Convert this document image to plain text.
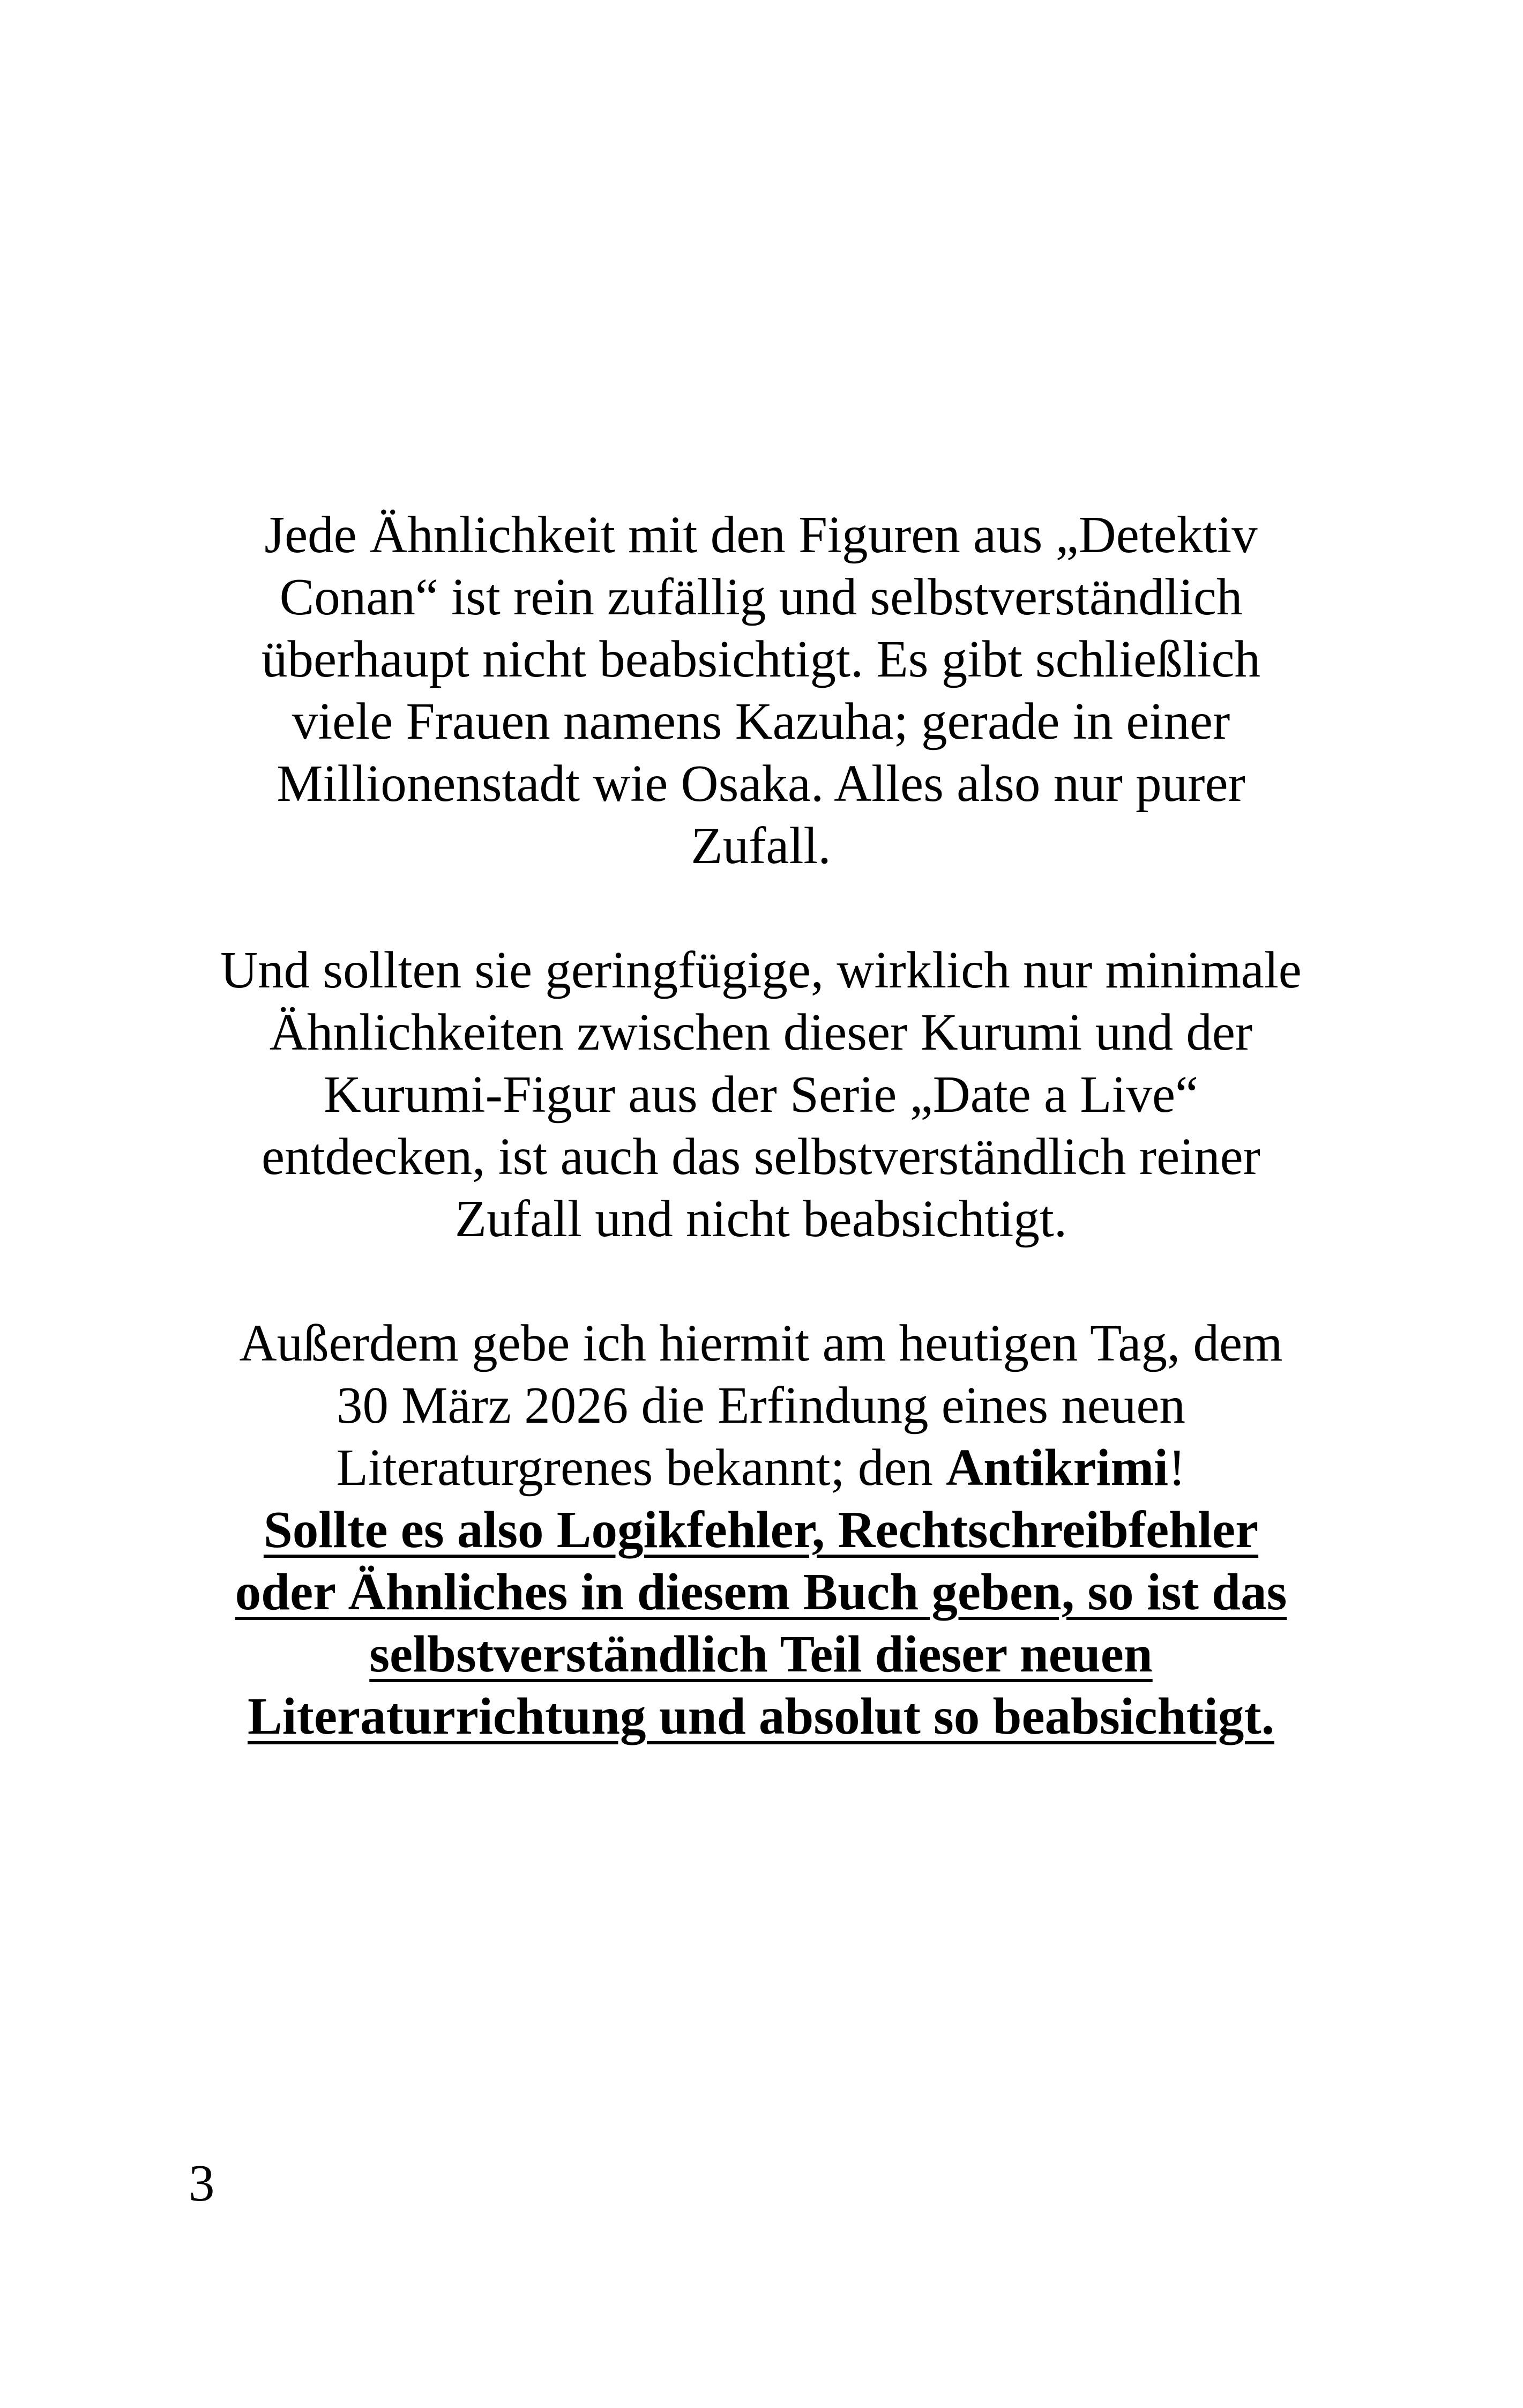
Jede Ähnlichkeit mit den Figuren aus „Detektiv
Conan“ ist rein zufällig und selbstverständlich
überhaupt nicht beabsichtigt. Es gibt schließlich
viele Frauen namens Kazuha; gerade in einer
Millionenstadt wie Osaka. Alles also nur purer
Zufall.

Und sollten sie geringfügige, wirklich nur minimale
Ähnlichkeiten zwischen dieser Kurumi und der
Kurumi-Figur aus der Serie „Date a Live“
entdecken, ist auch das selbstverständlich reiner
Zufall und nicht beabsichtigt.

Außerdem gebe ich hiermit am heutigen Tag, dem
30 März 2026 die Erfindung eines neuen
Literaturgrenes bekannt; den Antikrimi!
Sollte es also Logikfehler, Rechtschreibfehler
oder Ähnliches in diesem Buch geben, so ist das
selbstverständlich Teil dieser neuen
Literaturrichtung und absolut so beabsichtigt.

3
